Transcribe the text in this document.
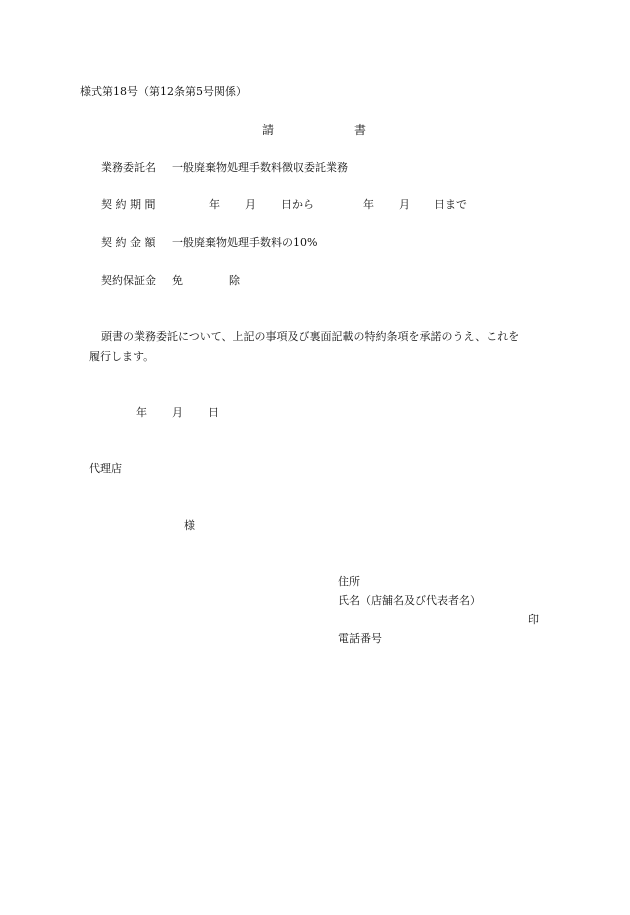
様式第18号（第12条第5号関係）
請	書
業務委託名 一般廃棄物処理手数料徴収委託業務
契 約 期 間	年 月 日から	年 月 日まで
契 約 金 額 一般廃棄物処理手数料の10%
契約保証金 免	除
頭書の業務委託について、上記の事項及び裏面記載の特約条項を承諾のうえ、これを
履行します。
年 月 日
代理店
様
住所
氏名（店舗名及び代表者名）
印
電話番号
